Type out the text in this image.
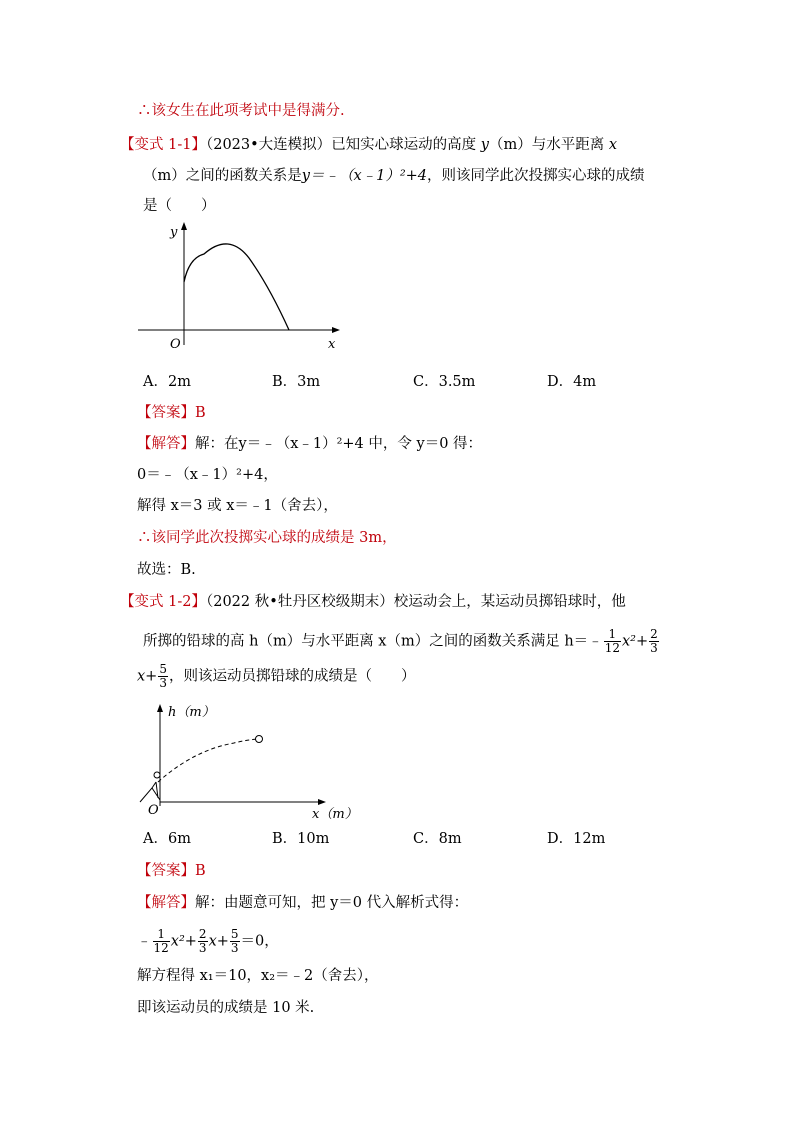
∴该女生在此项考试中是得满分.
【变式 1-1】（2023•大连模拟）已知实心球运动的高度 y（m）与水平距离 x
（m）之间的函数关系是y＝﹣（x﹣1）²+4，则该同学此次投掷实心球的成绩
是（　　）
y
x
O
A．2m	B．3m	C．3.5m	D．4m
【答案】B
【解答】解：在y＝﹣（x﹣1）²+4 中，令 y＝0 得：
0＝﹣（x﹣1）²+4，
解得 x＝3 或 x＝﹣1（舍去），
∴该同学此次投掷实心球的成绩是 3m，
故选：B.
【变式 1-2】（2022 秋•牡丹区校级期末）校运动会上，某运动员掷铅球时，他
所掷的铅球的高 h（m）与水平距离 x（m）之间的函数关系满足 h＝﹣ $\frac{1}{12} x^2+ \frac{2}{3}$
$x+ \frac{5}{3}$ ，则该运动员掷铅球的成绩是（　　）
h（m）
x（m）
O
A．6m	B．10m	C．8m	D．12m
【答案】B
【解答】解：由题意可知，把 y＝0 代入解析式得：
﹣ $\frac{1}{12} x^2+ \frac{2}{3} x+ \frac{5}{3} =0$，
解方程得 x₁＝10，x₂＝﹣2（舍去），
即该运动员的成绩是 10 米.
